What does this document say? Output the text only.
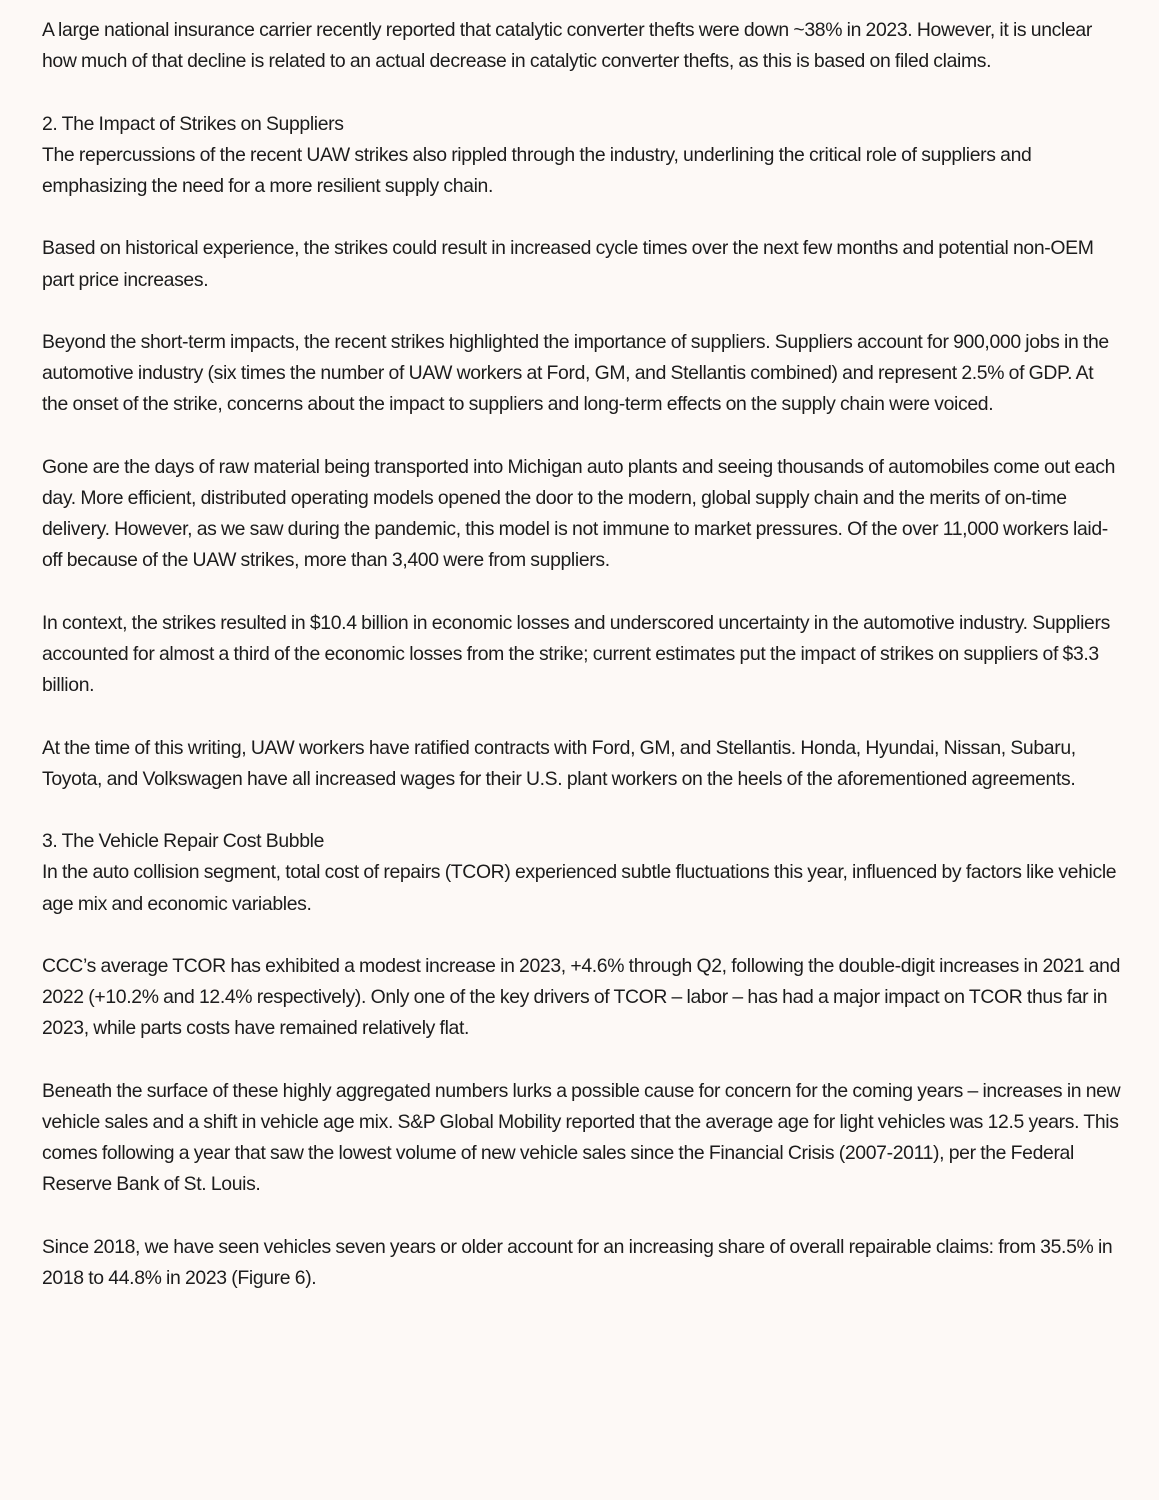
A large national insurance carrier recently reported that catalytic converter thefts were down ~38% in 2023. However, it is unclear how much of that decline is related to an actual decrease in catalytic converter thefts, as this is based on filed claims.

2. The Impact of Strikes on Suppliers

The repercussions of the recent UAW strikes also rippled through the industry, underlining the critical role of suppliers and emphasizing the need for a more resilient supply chain.

Based on historical experience, the strikes could result in increased cycle times over the next few months and potential non-OEM part price increases.

Beyond the short-term impacts, the recent strikes highlighted the importance of suppliers. Suppliers account for 900,000 jobs in the automotive industry (six times the number of UAW workers at Ford, GM, and Stellantis combined) and represent 2.5% of GDP. At the onset of the strike, concerns about the impact to suppliers and long-term effects on the supply chain were voiced.

Gone are the days of raw material being transported into Michigan auto plants and seeing thousands of automobiles come out each day. More efficient, distributed operating models opened the door to the modern, global supply chain and the merits of on-time delivery. However, as we saw during the pandemic, this model is not immune to market pressures. Of the over 11,000 workers laid-off because of the UAW strikes, more than 3,400 were from suppliers.

In context, the strikes resulted in $10.4 billion in economic losses and underscored uncertainty in the automotive industry. Suppliers accounted for almost a third of the economic losses from the strike; current estimates put the impact of strikes on suppliers of $3.3 billion.

At the time of this writing, UAW workers have ratified contracts with Ford, GM, and Stellantis. Honda, Hyundai, Nissan, Subaru, Toyota, and Volkswagen have all increased wages for their U.S. plant workers on the heels of the aforementioned agreements.

3. The Vehicle Repair Cost Bubble

In the auto collision segment, total cost of repairs (TCOR) experienced subtle fluctuations this year, influenced by factors like vehicle age mix and economic variables.

CCC’s average TCOR has exhibited a modest increase in 2023, +4.6% through Q2, following the double-digit increases in 2021 and 2022 (+10.2% and 12.4% respectively). Only one of the key drivers of TCOR – labor – has had a major impact on TCOR thus far in 2023, while parts costs have remained relatively flat.

Beneath the surface of these highly aggregated numbers lurks a possible cause for concern for the coming years – increases in new vehicle sales and a shift in vehicle age mix. S&P Global Mobility reported that the average age for light vehicles was 12.5 years. This comes following a year that saw the lowest volume of new vehicle sales since the Financial Crisis (2007-2011), per the Federal Reserve Bank of St. Louis.

Since 2018, we have seen vehicles seven years or older account for an increasing share of overall repairable claims: from 35.5% in 2018 to 44.8% in 2023 (Figure 6).
